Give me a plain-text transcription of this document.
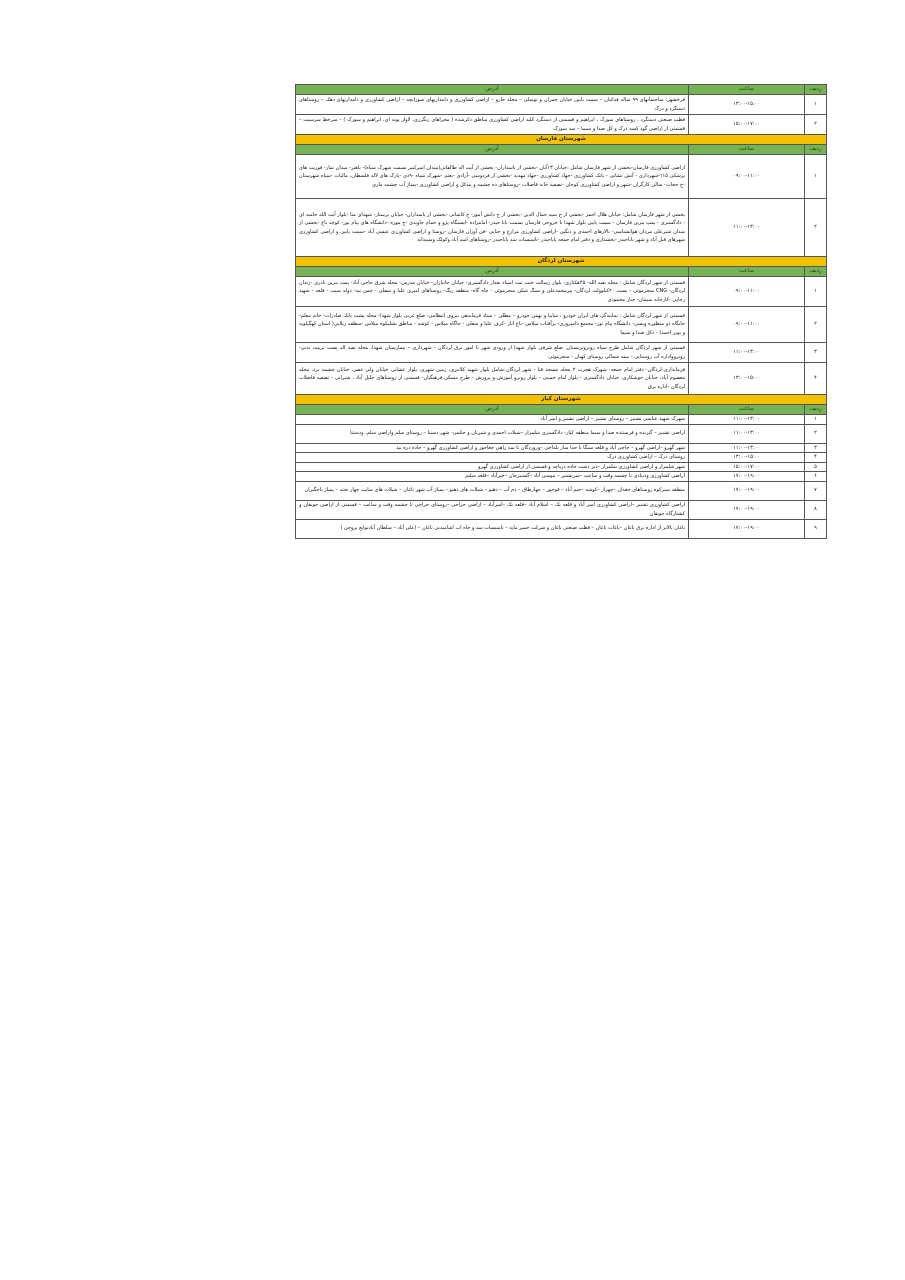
ردیف	ساعت	آدرس
۱	۱۳:۰۰-۱۵:۰۰	فرخشهر: ساختمانهای ۹۹ ساله فدائیان – سمت پایین خیابان جمران و توسلی – محله خارو – اراضی کشاورزی و دامداریهای شورابچه – اراضی کشاورزی و دامداریهای دهک – روستاهای دستگرد و درک
۲	۱۵:۰۰-۱۷:۰۰	قطب صنعتی دستگرد ، روستاهای سورک ، ابراهیم و قسمتی از دستگرد کلیه اراضی کشاورزی مناطق ذکرشده ( مجراهای رنگرزی، لاواز پوته ای، ابراهیم و سورک ) – سرخط سرسبت – قسمتی از اراضی گود کسه درک و کل صدا و سیما – سد سورک
شهرستان فارسان		
ردیف	ساعت	آدرس
۱	۰۹:۰۰-۱۱:۰۰	اراضی کشاورزی فارسان-بخشی از شهر فارسان شامل :خیابان ۱۳آبان -بخشی از پاسداران- بخشی از آیت اله طالقانی(میدان امیرکبیر بسمت شهرک سپاه)- باهنر- میدان نماز- فوریت های پزشکی ۱۱۵-شهرداری - آتش نشانی - بانک کشاورزی -جهاد کشاورزی -جهاد مهدیه -بخشی از فردوسی -آزادی -بعثم -شهرک سپاه -۹دی -پارک های لاله فلسطان، مالیات -سپاه شهرستان -خ حجاب- سالن کارگران -شهر و اراضی کشاورزی کوجان -تصفیه خانه فاضلاب -روستاهای ده چشمه و بیدکل و اراضی کشاورزی -پمپاژ آب چشمه ماری
۲	۱۱:۰۰-۱۳:۰۰	بخشی از شهر فارسان شامل: خیابان هلال احمر -بخشی از خ سید جمال الدین -بخشی از خ دانش آموز- خ کاشانی -بخشی از پاسداران- خیابان پرستار- شهدای منا -بلوار آیت الله خامنه ای - دادگستری - پمپ بنزین فارسان - سمت پایین بلوار شهدا تا خروجی فارسان بسمت بابا حیدر- امامزاده -ایستگاه پژو و حمام جاویدی -خ موزه -دانشگاه های پیام نور- کوچه باغ -بخشی از میدان شیرعلی مردان هوانشناسی- تالارهای احمدی و دنگین -اراضی کشاورزی مزارع و حنایی -فن آوران فارسان -روستا و اراضی کشاورزی عیسی آباد -سمت پایین و اراضی کشاورزی شهرهای قبل آباد و شهر باباحیدر -بخشداری و دفتر امام جمعه باباحیدر -تاسیسات سد باباحیدر -روستاهای امید آباد وکولک وسیبدانه
شهرستان لردگان		
ردیف	ساعت	آدرس
۱	۰۹:۰۰-۱۱:۰۰	قسمتی از شهر لردگان شامل : محله بقیه الله- ۴۵هکتاری- بلوار رسالت جنب ثبت اسناد بعداز دادگستری- خیابان جانبازان- خیابان مدرس- محله شرق حاجی آباد- پمپ بنزین نادری -زندان لردگان- CNG منجرموئی - پست ۲۰کیلوولت لردگان- پیرمحمدعلی و سنگ شکن منجرموئی - چاه گاه- منطقه ریگ- روستاهای امیری علیا و سفلی - چمن بید- دوله سیب - قلعه - شهید رجایی -کارخانه سیمان- چنار محمودی
۲	۰۹:۰۰-۱۱:۰۰	قسمتی از شهر لردگان شامل : نمایندگی های ایران خودرو ، سایپا و بهمن خودرو – مطلی – ستاد فرماندهی نیروی انتظامی- ضلع غربی بلوار شهدا- محله پشت بانک صادرات- خانه معلم- جایگاه دو منظوره ویسی- دانشگاه پیام نور- مجتمع دامپروری- برآفتاب میلاس -باغ انار -کرف علیا و سفلی - جاگاه میلاس - کوشه - مناطق بشلیکوه میلاس -منطقه زیلایی( استان کهگیلویه و بویر احمد) - دکل صدا و سیما
۳	۱۱:۰۰-۱۳:۰۰	قسمتی از شهر لردگان شامل طرح سپاه روبروتربسنان، ضلع شرقی بلوار شهدا از ورودی شهر تا امور برق لردگان - شهرداری – بیمارستان شهدا، محله بقیه اله پشت تربیت بدنی- روبروواداره آب روستایی - نیمه شمالی روستای کهیان - منجرموئی
۴	۱۳:۰۰-۱۵:۰۰	فرمانداری لردگان- دفتر امام جمعه- شهرک هجرت ۲ محله مسجد قبا - شهر لردگان شامل بلوار شهید کلانتری، زمین شهری، بلوار عشایر، خیابان ولی عصر، خیابان چشمه برد، محله معصوم آباد، خیابان جوشکاری، خیابان دادگستری - بلوار امام خمینی - بلوار روبرو آموزش و پرورش - طرح مسکن فرهنگیان- قسمتی از روستاهای جلیل آباد ، شیرانی - تصفیه فاضلاب لردگان -اداره برق
شهرستان کیار		
ردیف	ساعت	آدرس
۱	۱۱:۰۰-۱۳:۰۰	شهرک شهید عباسی تشنیز – روستای تشنیز – اراضی تشنیز و امیر آباد
۲	۱۱:۰۰-۱۳:۰۰	اراضی تشنیز – گیرنده و فرستنده صدا و سیما منطقه کیار- دادگستری شلمزار –شیلات احمدی و شیریان و حکمی- شهر دستنا – روستای سلم واراضی سلم، ودستنا
۳	۱۱:۰۰-۱۳:۰۰	شهر گهرو –اراضی گهرو – حاجی آباد و قلعه سنگا تا جدا ساز بلداجی –وزوردگان تا سه راهی چغاخور و اراضی کشاورزی گهرو – جاده دره بید
۴	۱۳:۰۰-۱۵:۰۰	روستای درک – اراضی کشاورزی درک
۵	۱۵:۰۰-۱۷:۰۰	شهر شلمزار و اراضی کشاورزی شلمزار –دیز دشت جاده دریاچه و قسمتی از اراضی کشاورزی گهرو
۶	۱۷:۰۰-۱۹:۰۰	اراضی کشاورزی ودینادی تا چشمه وقت و ساعت –سرتشنیز – موسی آباد –گشنیزجان –خیرآباد –قلعه سلیم
۷	۱۷:۰۰-۱۹:۰۰	منطقه سیرکوه روستاهای جغدان –چهراز –کوشه –جیم آباد – قوخور – چهارطاق – دم آب – دهنو – شیلات های دهنو – پمپاژ آب شهر ناغان – شیلات های سایت چهار تخته – پمپاژ یاجگیران
۸	۱۷:۰۰-۱۹:۰۰	اراضی کشاورزی تشنیز –اراضی کشاورزی امیر آباد و قلعه تک – اسلام آباد –قلعه تک –امیرآباد – اراضی خراجی –روستای خراجی تا چشمه وقت و ساعت – قسمتی از اراضی جونقان و کشتارگاه جونقان
۹	۱۷:۰۰-۱۹:۰۰	ناغان بالاتر از اداره برق ناغان –باغات ناغان – قطب صنعتی ناغان و شرکت خمیر مایه – تاسیسات سد و چاه اب اشامیدنی ناغان – (علی آباد – سلطان آبادتوابع بروجن )
